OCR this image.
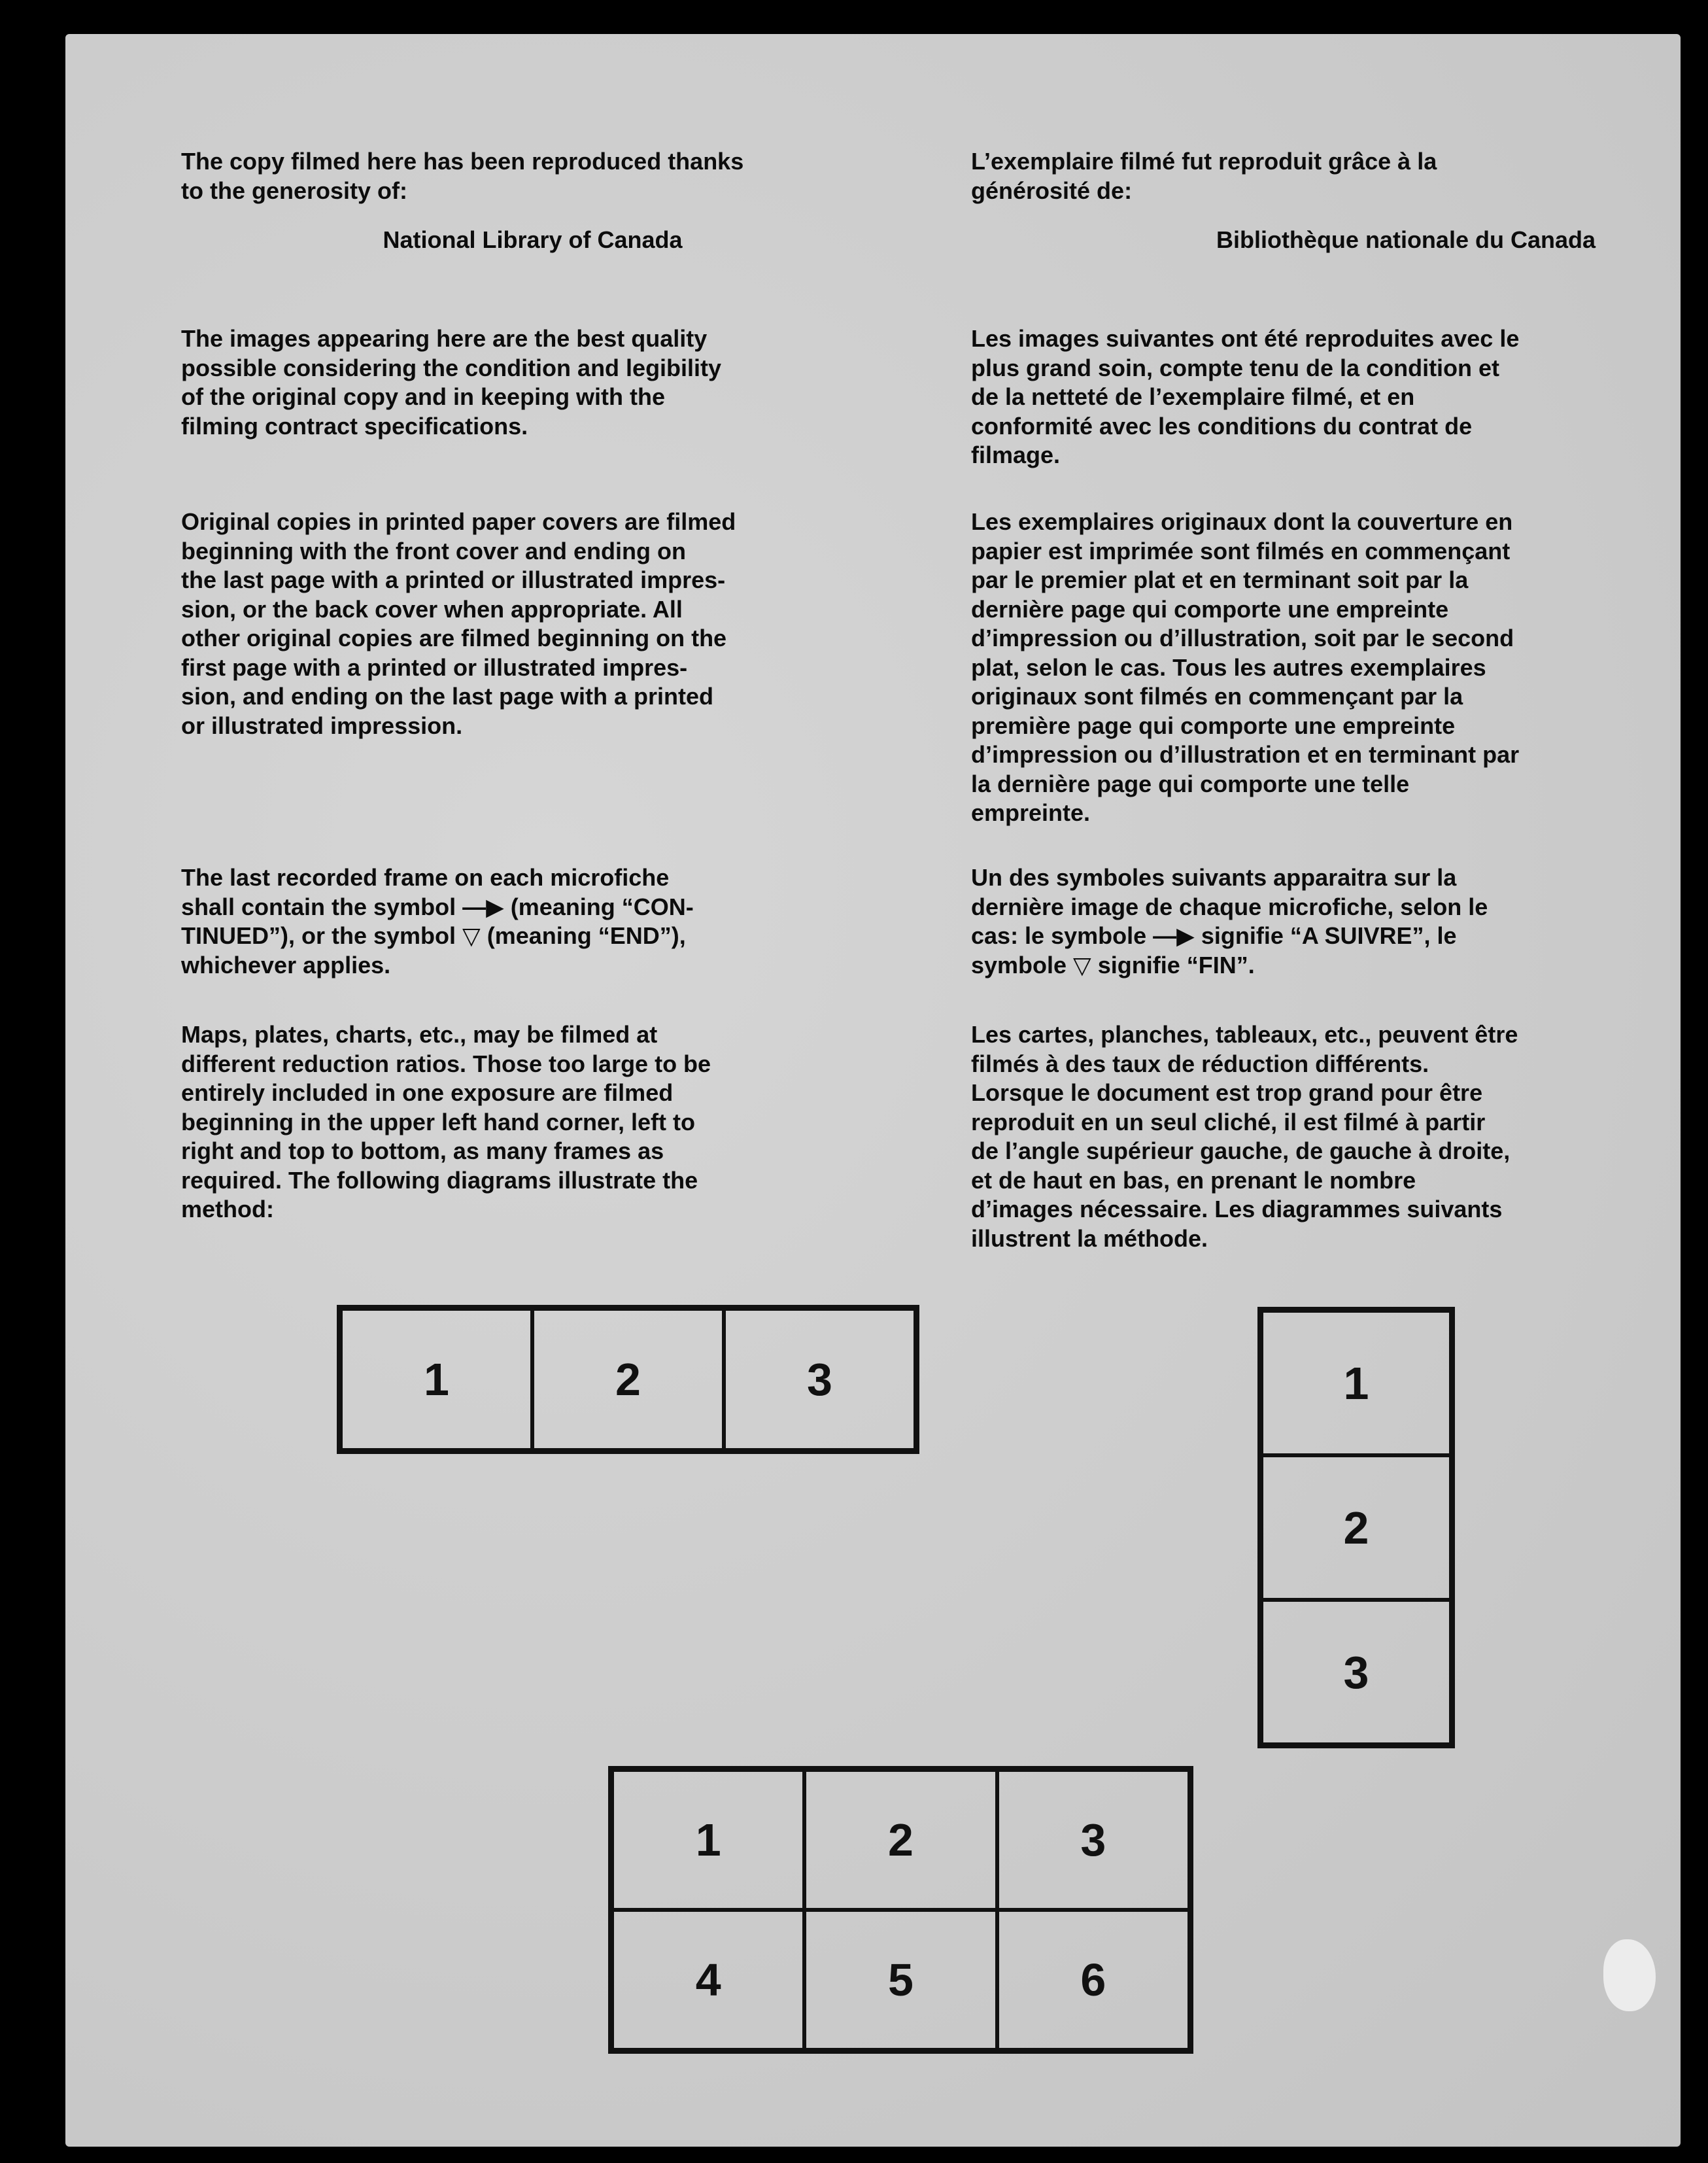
The copy filmed here has been reproduced thanks
to the generosity of:

National Library of Canada

The images appearing here are the best quality
possible considering the condition and legibility
of the original copy and in keeping with the
filming contract specifications.

Original copies in printed paper covers are filmed
beginning with the front cover and ending on
the last page with a printed or illustrated impres-
sion, or the back cover when appropriate. All
other original copies are filmed beginning on the
first page with a printed or illustrated impres-
sion, and ending on the last page with a printed
or illustrated impression.

The last recorded frame on each microfiche
shall contain the symbol —▶ (meaning “CON-
TINUED”), or the symbol ▽ (meaning “END”),
whichever applies.

Maps, plates, charts, etc., may be filmed at
different reduction ratios. Those too large to be
entirely included in one exposure are filmed
beginning in the upper left hand corner, left to
right and top to bottom, as many frames as
required. The following diagrams illustrate the
method:

L’exemplaire filmé fut reproduit grâce à la
générosité de:

Bibliothèque nationale du Canada

Les images suivantes ont été reproduites avec le
plus grand soin, compte tenu de la condition et
de la netteté de l’exemplaire filmé, et en
conformité avec les conditions du contrat de
filmage.

Les exemplaires originaux dont la couverture en
papier est imprimée sont filmés en commençant
par le premier plat et en terminant soit par la
dernière page qui comporte une empreinte
d’impression ou d’illustration, soit par le second
plat, selon le cas. Tous les autres exemplaires
originaux sont filmés en commençant par la
première page qui comporte une empreinte
d’impression ou d’illustration et en terminant par
la dernière page qui comporte une telle
empreinte.

Un des symboles suivants apparaitra sur la
dernière image de chaque microfiche, selon le
cas: le symbole —▶ signifie “A SUIVRE”, le
symbole ▽ signifie “FIN”.

Les cartes, planches, tableaux, etc., peuvent être
filmés à des taux de réduction différents.
Lorsque le document est trop grand pour être
reproduit en un seul cliché, il est filmé à partir
de l’angle supérieur gauche, de gauche à droite,
et de haut en bas, en prenant le nombre
d’images nécessaire. Les diagrammes suivants
illustrent la méthode.

1	2	3	1
2
3
1	2	3
4	5	6
